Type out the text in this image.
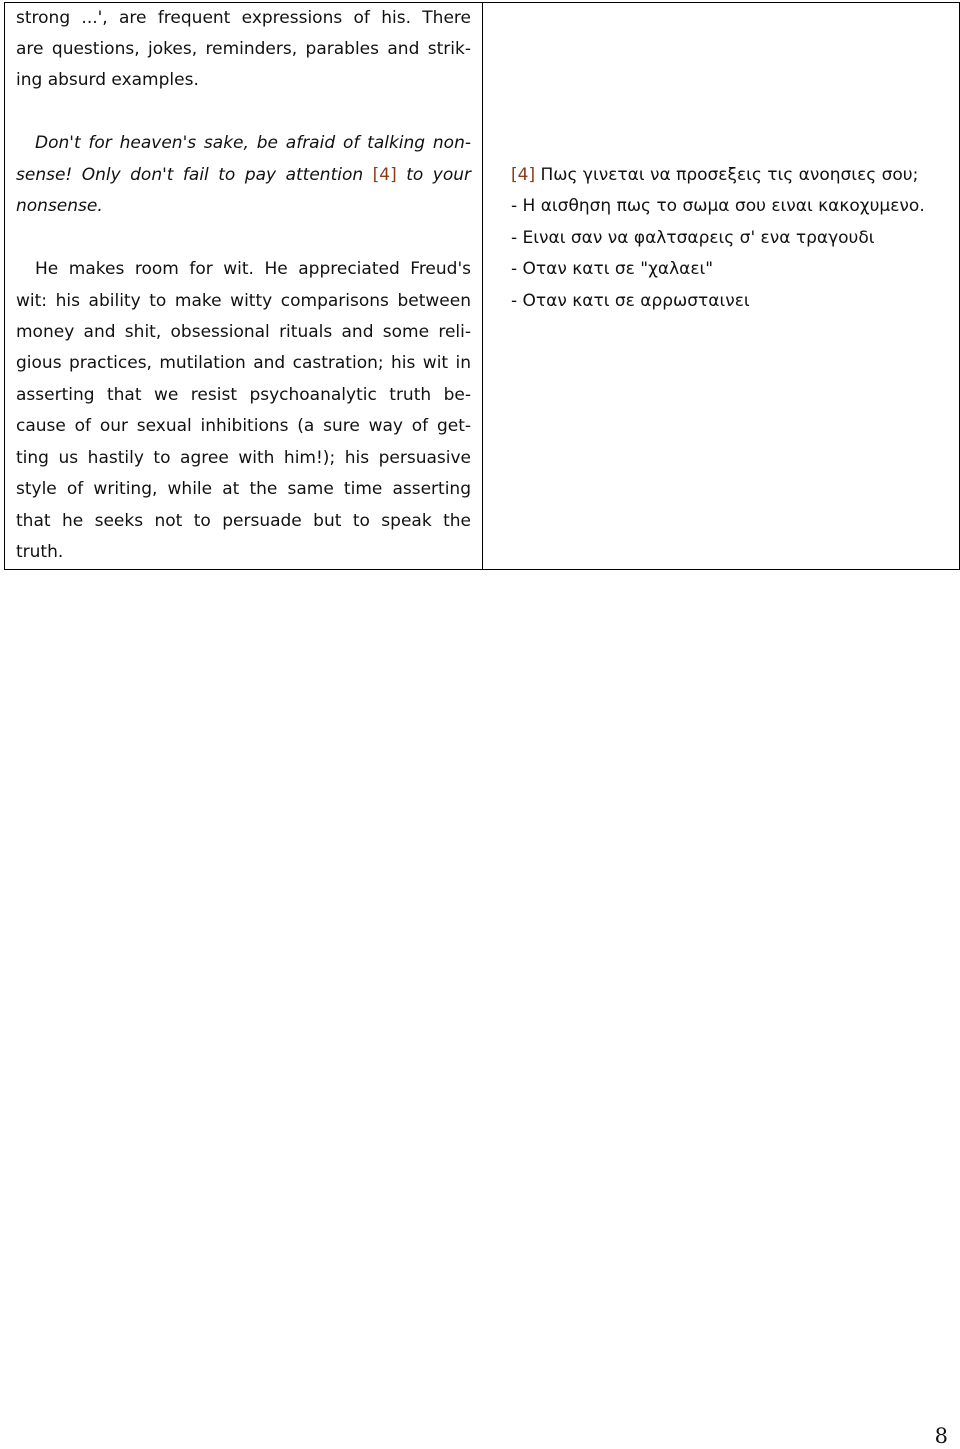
strong ...', are frequent expressions of his. There
are questions, jokes, reminders, parables and strik-
ing absurd examples.
Don't for heaven's sake, be afraid of talking non-
sense! Only don't fail to pay attention [4] to your
nonsense.
He makes room for wit. He appreciated Freud's
wit: his ability to make witty comparisons between
money and shit, obsessional rituals and some reli-
gious practices, mutilation and castration; his wit in
asserting that we resist psychoanalytic truth be-
cause of our sexual inhibitions (a sure way of get-
ting us hastily to agree with him!); his persuasive
style of writing, while at the same time asserting
that he seeks not to persuade but to speak the
truth.
[4] Πως γινεται να προσεξεις τις ανοησιες σου;
- Η αισθηση πως το σωμα σου ειναι κακοχυμενο.
- Ειναι σαν να φαλτσαρεις σ' ενα τραγουδι
- Οταν κατι σε "χαλαει"
- Οταν κατι σε αρρωσταινει
8
